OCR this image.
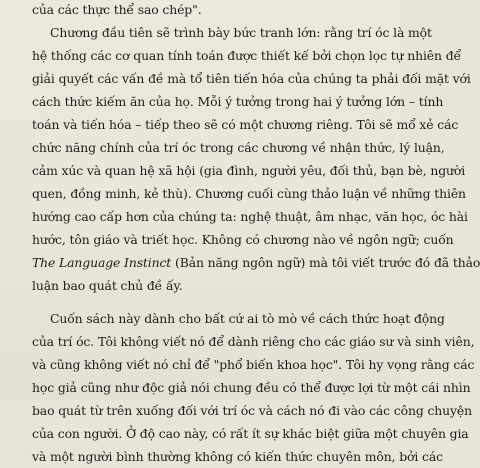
của các thực thể sao chép".
Chương đầu tiên sẽ trình bày bức tranh lớn: rằng trí óc là một
hệ thống các cơ quan tính toán được thiết kế bởi chọn lọc tự nhiên để
giải quyết các vấn đề mà tổ tiên tiến hóa của chúng ta phải đối mặt với
cách thức kiếm ăn của họ. Mỗi ý tưởng trong hai ý tưởng lớn – tính
toán và tiến hóa – tiếp theo sẽ có một chương riêng. Tôi sẽ mổ xẻ các
chức năng chính của trí óc trong các chương về nhận thức, lý luận,
cảm xúc và quan hệ xã hội (gia đình, người yêu, đối thủ, bạn bè, người
quen, đồng minh, kẻ thù). Chương cuối cùng thảo luận về những thiên
hướng cao cấp hơn của chúng ta: nghệ thuật, âm nhạc, văn học, óc hài
hước, tôn giáo và triết học. Không có chương nào về ngôn ngữ; cuốn
The Language Instinct (Bản năng ngôn ngữ) mà tôi viết trước đó đã thảo
luận bao quát chủ đề ấy.
Cuốn sách này dành cho bất cứ ai tò mò về cách thức hoạt động
của trí óc. Tôi không viết nó để dành riêng cho các giáo sư và sinh viên,
và cũng không viết nó chỉ để "phổ biến khoa học". Tôi hy vọng rằng các
học giả cũng như độc giả nói chung đều có thể được lợi từ một cái nhìn
bao quát từ trên xuống đối với trí óc và cách nó đi vào các công chuyện
của con người. Ở độ cao này, có rất ít sự khác biệt giữa một chuyên gia
và một người bình thường không có kiến thức chuyên môn, bởi các
